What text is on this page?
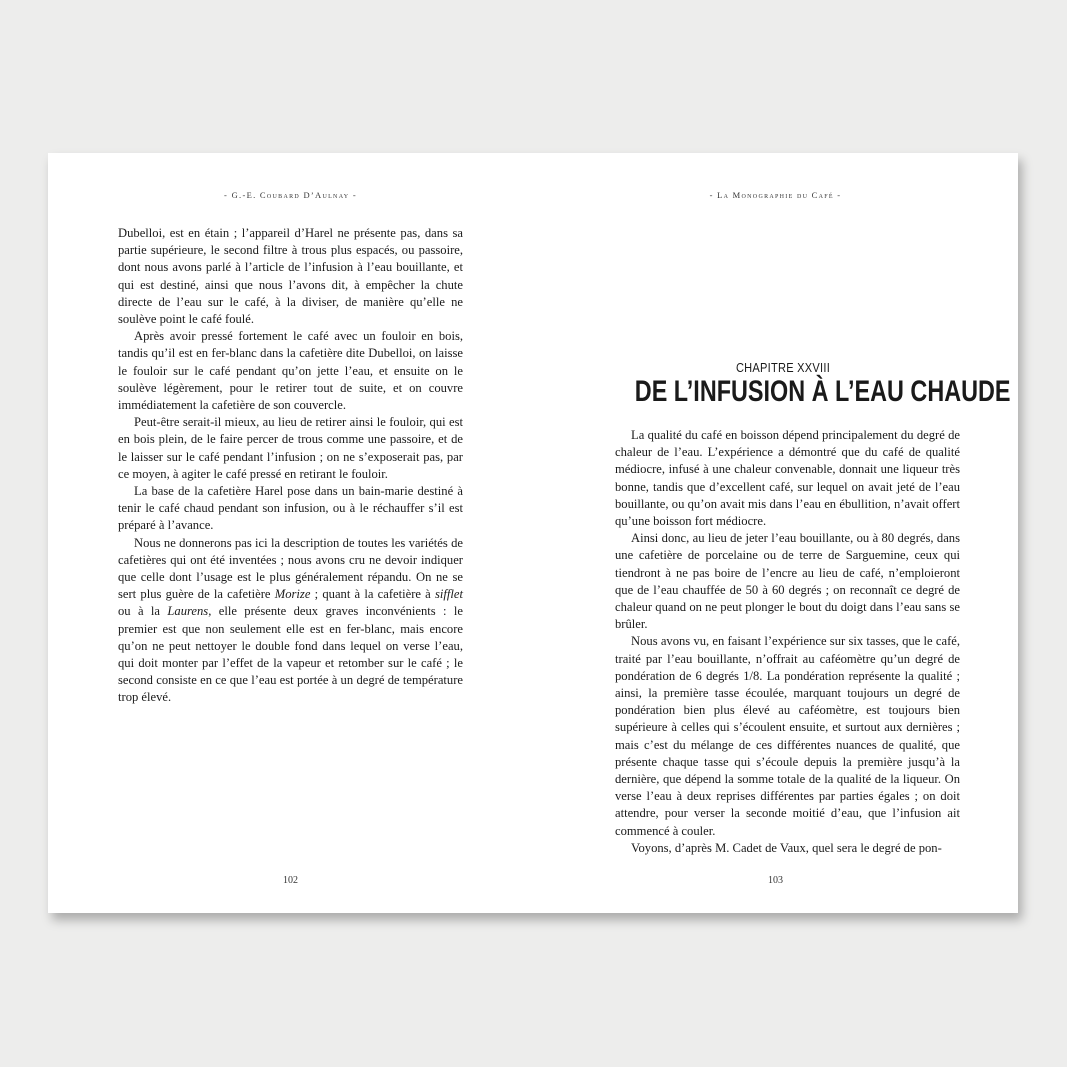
- G.-E. Coubard D’Aulnay -

Dubelloi, est en étain ; l’appareil d’Harel ne présente pas, dans sa partie supérieure, le second filtre à trous plus espacés, ou passoire, dont nous avons parlé à l’article de l’infusion à l’eau bouillante, et qui est destiné, ainsi que nous l’avons dit, à empêcher la chute directe de l’eau sur le café, à la diviser, de manière qu’elle ne soulève point le café foulé.

Après avoir pressé fortement le café avec un fouloir en bois, tandis qu’il est en fer-blanc dans la cafetière dite Dubelloi, on laisse le fouloir sur le café pendant qu’on jette l’eau, et ensuite on le soulève légèrement, pour le retirer tout de suite, et on couvre immédiatement la cafetière de son couvercle.

Peut-être serait-il mieux, au lieu de retirer ainsi le fouloir, qui est en bois plein, de le faire percer de trous comme une passoire, et de le laisser sur le café pendant l’infusion ; on ne s’exposerait pas, par ce moyen, à agiter le café pressé en retirant le fouloir.

La base de la cafetière Harel pose dans un bain-marie destiné à tenir le café chaud pendant son infusion, ou à le réchauffer s’il est préparé à l’avance.

Nous ne donnerons pas ici la description de toutes les variétés de cafetières qui ont été inventées ; nous avons cru ne devoir indiquer que celle dont l’usage est le plus généralement répandu. On ne se sert plus guère de la cafetière Morize ; quant à la cafetière à sifflet ou à la Laurens, elle présente deux graves inconvénients : le premier est que non seulement elle est en fer-blanc, mais encore qu’on ne peut nettoyer le double fond dans lequel on verse l’eau, qui doit monter par l’effet de la vapeur et retomber sur le café ; le second consiste en ce que l’eau est portée à un degré de température trop élevé.

102
- La Monographie du Café -
CHAPITRE XXVIII
DE L’INFUSION À L’EAU CHAUDE

La qualité du café en boisson dépend principalement du degré de chaleur de l’eau. L’expérience a démontré que du café de qualité médiocre, infusé à une chaleur convenable, donnait une liqueur très bonne, tandis que d’excellent café, sur lequel on avait jeté de l’eau bouillante, ou qu’on avait mis dans l’eau en ébullition, n’avait offert qu’une boisson fort médiocre.

Ainsi donc, au lieu de jeter l’eau bouillante, ou à 80 degrés, dans une cafetière de porcelaine ou de terre de Sarguemine, ceux qui tiendront à ne pas boire de l’encre au lieu de café, n’emploieront que de l’eau chauffée de 50 à 60 degrés ; on reconnaît ce degré de chaleur quand on ne peut plonger le bout du doigt dans l’eau sans se brûler.

Nous avons vu, en faisant l’expérience sur six tasses, que le café, traité par l’eau bouillante, n’offrait au caféomètre qu’un degré de pondération de 6 degrés 1/8. La pondération représente la qualité ; ainsi, la première tasse écoulée, marquant toujours un degré de pondération bien plus élevé au caféomètre, est toujours bien supérieure à celles qui s’écoulent ensuite, et surtout aux dernières ; mais c’est du mélange de ces différentes nuances de qualité, que présente chaque tasse qui s’écoule depuis la première jusqu’à la dernière, que dépend la somme totale de la qualité de la liqueur. On verse l’eau à deux reprises différentes par parties égales ; on doit attendre, pour verser la seconde moitié d’eau, que l’infusion ait commencé à couler.

Voyons, d’après M. Cadet de Vaux, quel sera le degré de pon-

103
